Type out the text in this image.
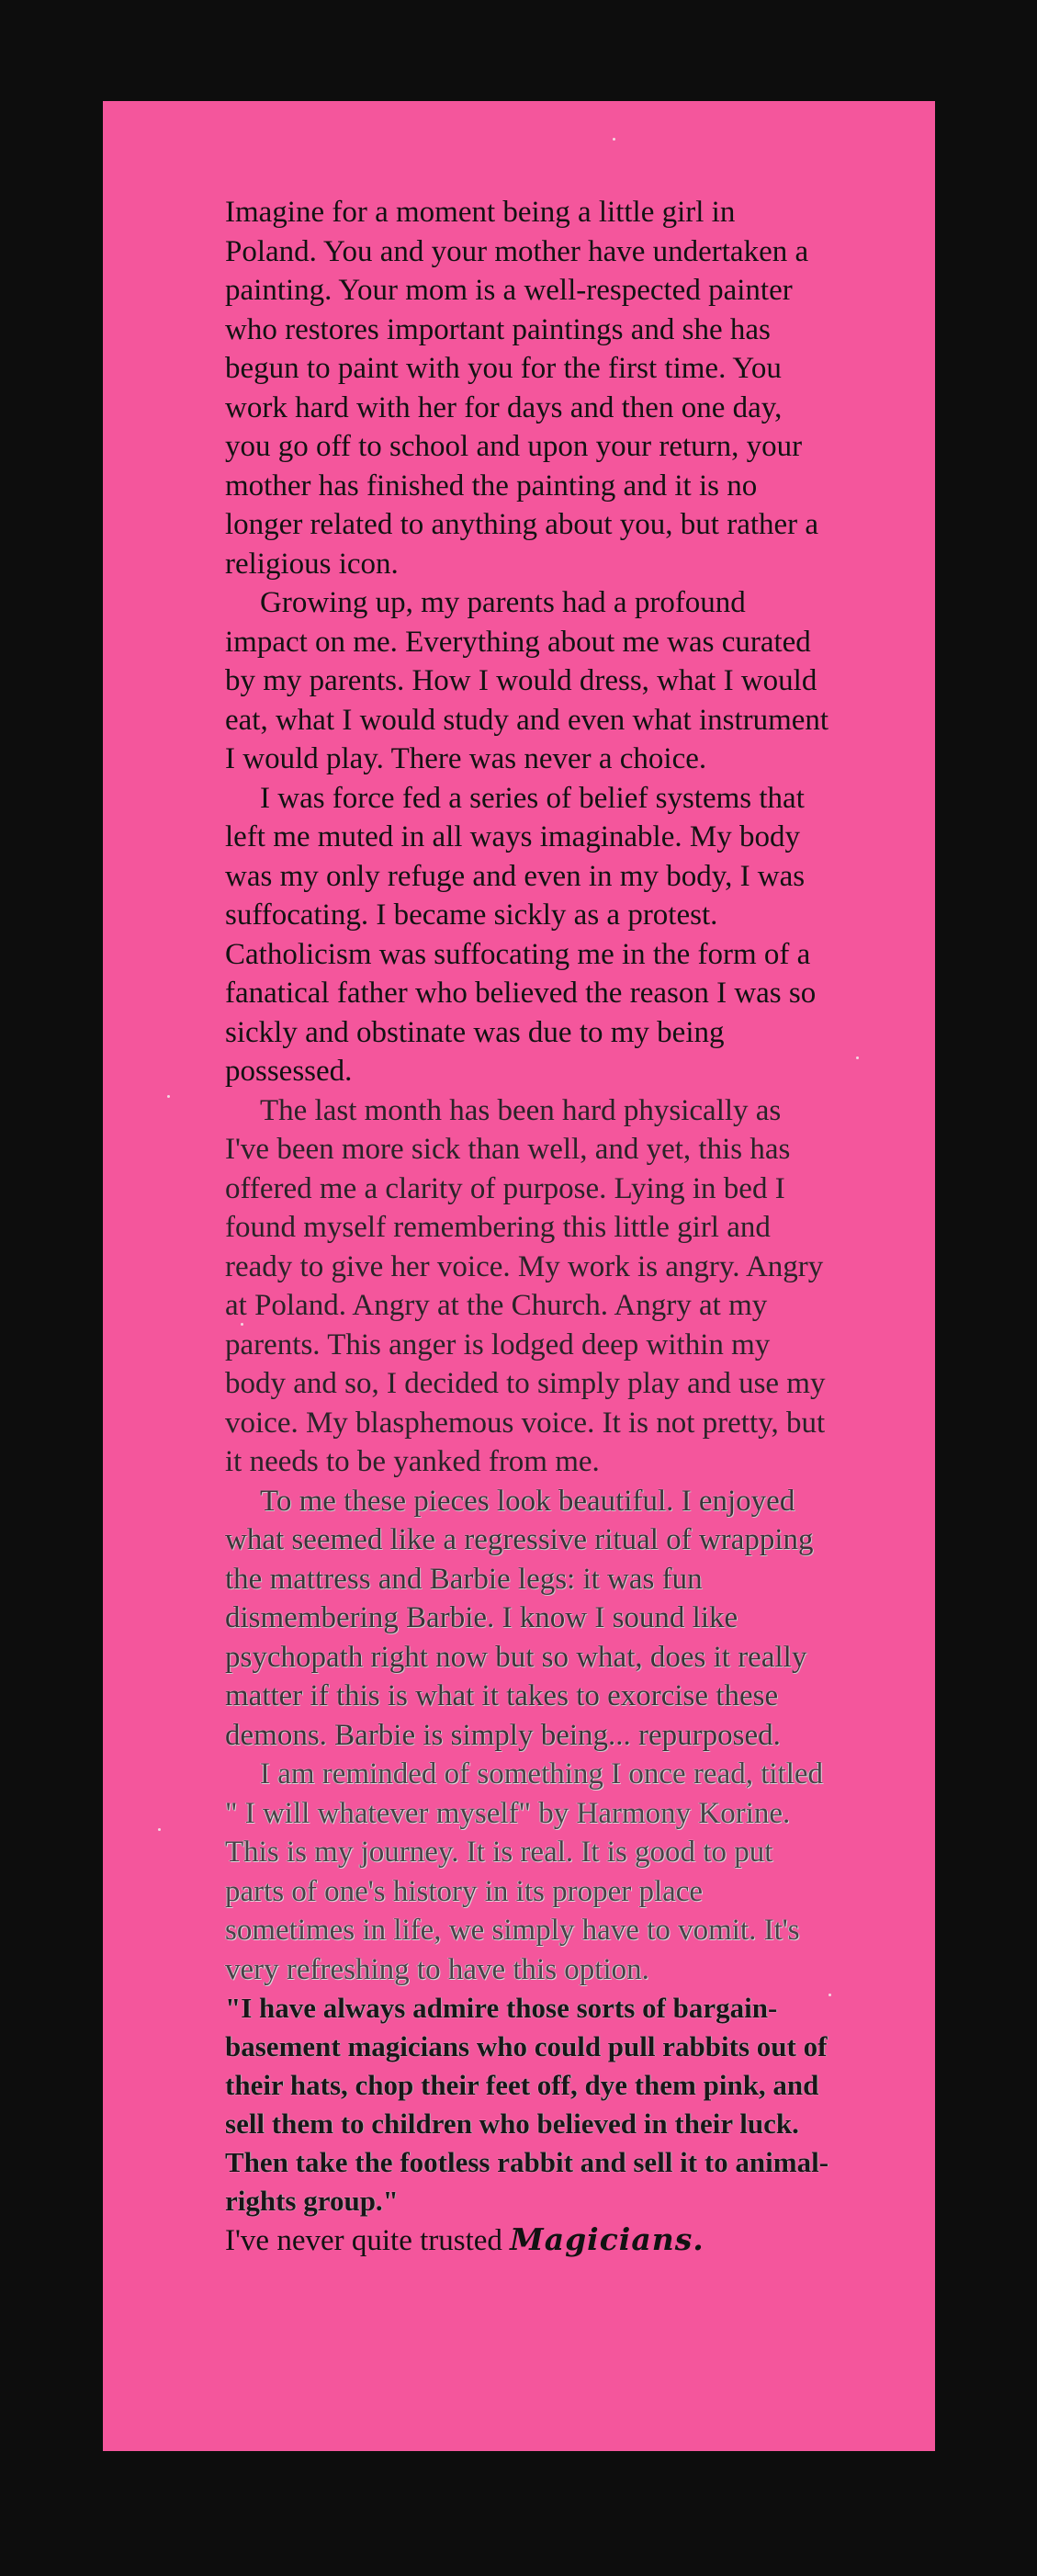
Imagine for a moment being a little girl in Poland. You and your mother have undertaken a painting. Your mom is a well-respected painter who restores important paintings and she has begun to paint with you for the first time. You work hard with her for days and then one day, you go off to school and upon your return, your mother has finished the painting and it is no longer related to anything about you, but rather a religious icon.

Growing up, my parents had a profound impact on me. Everything about me was curated by my parents. How I would dress, what I would eat, what I would study and even what instrument I would play. There was never a choice.

I was force fed a series of belief systems that left me muted in all ways imaginable. My body was my only refuge and even in my body, I was suffocating. I became sickly as a protest. Catholicism was suffocating me in the form of a fanatical father who believed the reason I was so sickly and obstinate was due to my being possessed.

The last month has been hard physically as I've been more sick than well, and yet, this has offered me a clarity of purpose. Lying in bed I found myself remembering this little girl and ready to give her voice. My work is angry. Angry at Poland. Angry at the Church. Angry at my parents. This anger is lodged deep within my body and so, I decided to simply play and use my voice. My blasphemous voice. It is not pretty, but it needs to be yanked from me.

To me these pieces look beautiful. I enjoyed what seemed like a regressive ritual of wrapping the mattress and Barbie legs: it was fun dismembering Barbie. I know I sound like psychopath right now but so what, does it really matter if this is what it takes to exorcise these demons. Barbie is simply being... repurposed.

I am reminded of something I once read, titled " I will whatever myself" by Harmony Korine. This is my journey. It is real. It is good to put parts of one's history in its proper place sometimes in life, we simply have to vomit. It's very refreshing to have this option.

"I have always admire those sorts of bargain-basement magicians who could pull rabbits out of their hats, chop their feet off, dye them pink, and sell them to children who believed in their luck. Then take the footless rabbit and sell it to animal-rights group."

I've never quite trusted Magicians.
